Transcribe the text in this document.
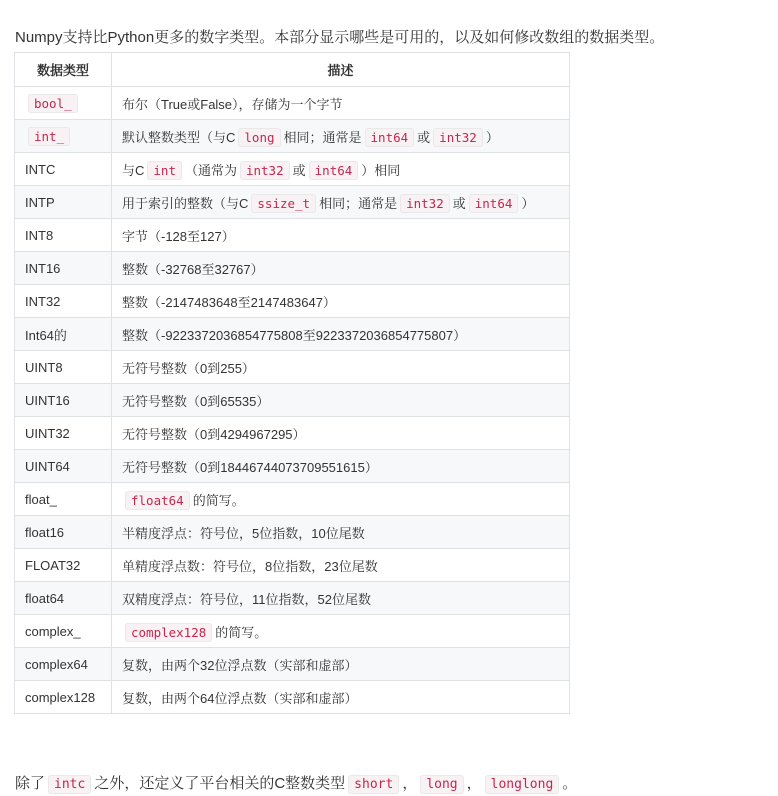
Numpy支持比Python更多的数字类型。本部分显示哪些是可用的，以及如何修改数组的数据类型。

数据类型	描述
bool_	布尔（True或False），存储为一个字节
int_	默认整数类型（与C long 相同；通常是 int64 或 int32 ）
INTC	与C int （通常为 int32 或 int64 ）相同
INTP	用于索引的整数（与C ssize_t 相同；通常是 int32 或 int64 ）
INT8	字节（-128至127）
INT16	整数（-32768至32767）
INT32	整数（-2147483648至2147483647）
Int64的	整数（-9223372036854775808至9223372036854775807）
UINT8	无符号整数（0到255）
UINT16	无符号整数（0到65535）
UINT32	无符号整数（0到4294967295）
UINT64	无符号整数（0到18446744073709551615）
float_	float64 的简写。
float16	半精度浮点：符号位，5位指数，10位尾数
FLOAT32	单精度浮点数：符号位，8位指数，23位尾数
float64	双精度浮点：符号位，11位指数，52位尾数
complex_	complex128 的简写。
complex64	复数，由两个32位浮点数（实部和虚部）
complex128	复数，由两个64位浮点数（实部和虚部）

除了 intc 之外，还定义了平台相关的C整数类型 short ， long ， longlong 。
